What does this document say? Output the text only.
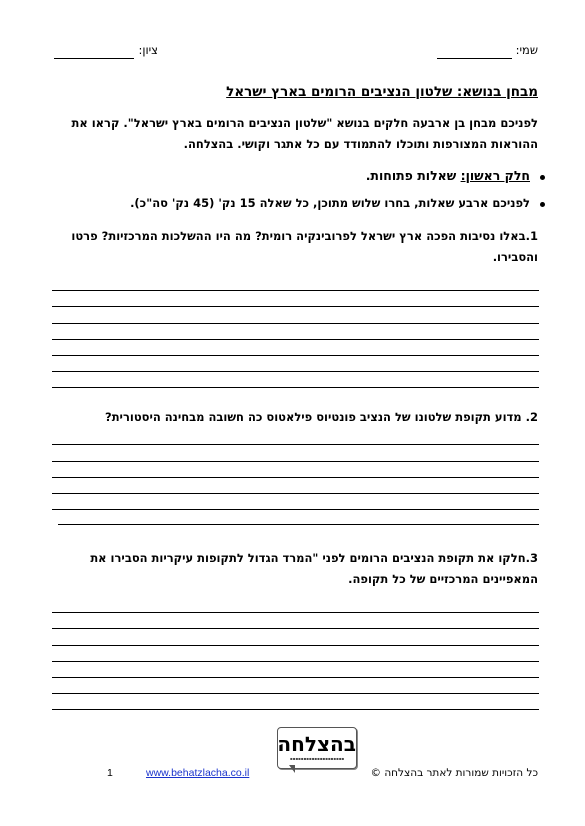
שמי:
ציון:
מבחן בנושא: שלטון הנציבים הרומים בארץ ישראל
לפניכם מבחן בן ארבעה חלקים בנושא "שלטון הנציבים הרומים בארץ ישראל". קראו את
ההוראות המצורפות ותוכלו להתמודד עם כל אתגר וקושי. בהצלחה.
חלק ראשון: שאלות פתוחות.
לפניכם ארבע שאלות, בחרו שלוש מתוכן, כל שאלה 15 נק' (45 נק' סה"כ).
1.באלו נסיבות הפכה ארץ ישראל לפרובינקיה רומית? מה היו ההשלכות המרכזיות? פרטו
והסבירו.
2. מדוע תקופת שלטונו של הנציב פונטיוס פילאטוס כה חשובה מבחינה היסטורית?
3.חלקו את תקופת הנציבים הרומים לפני "המרד הגדול לתקופות עיקריות הסבירו את
המאפיינים המרכזיים של כל תקופה.
בהצלחה
▪▪▪▪▪▪▪▪▪▪▪▪▪▪▪▪▪▪▪▪
1	www.behatzlacha.co.il	כל הזכויות שמורות לאתר בהצלחה ©
